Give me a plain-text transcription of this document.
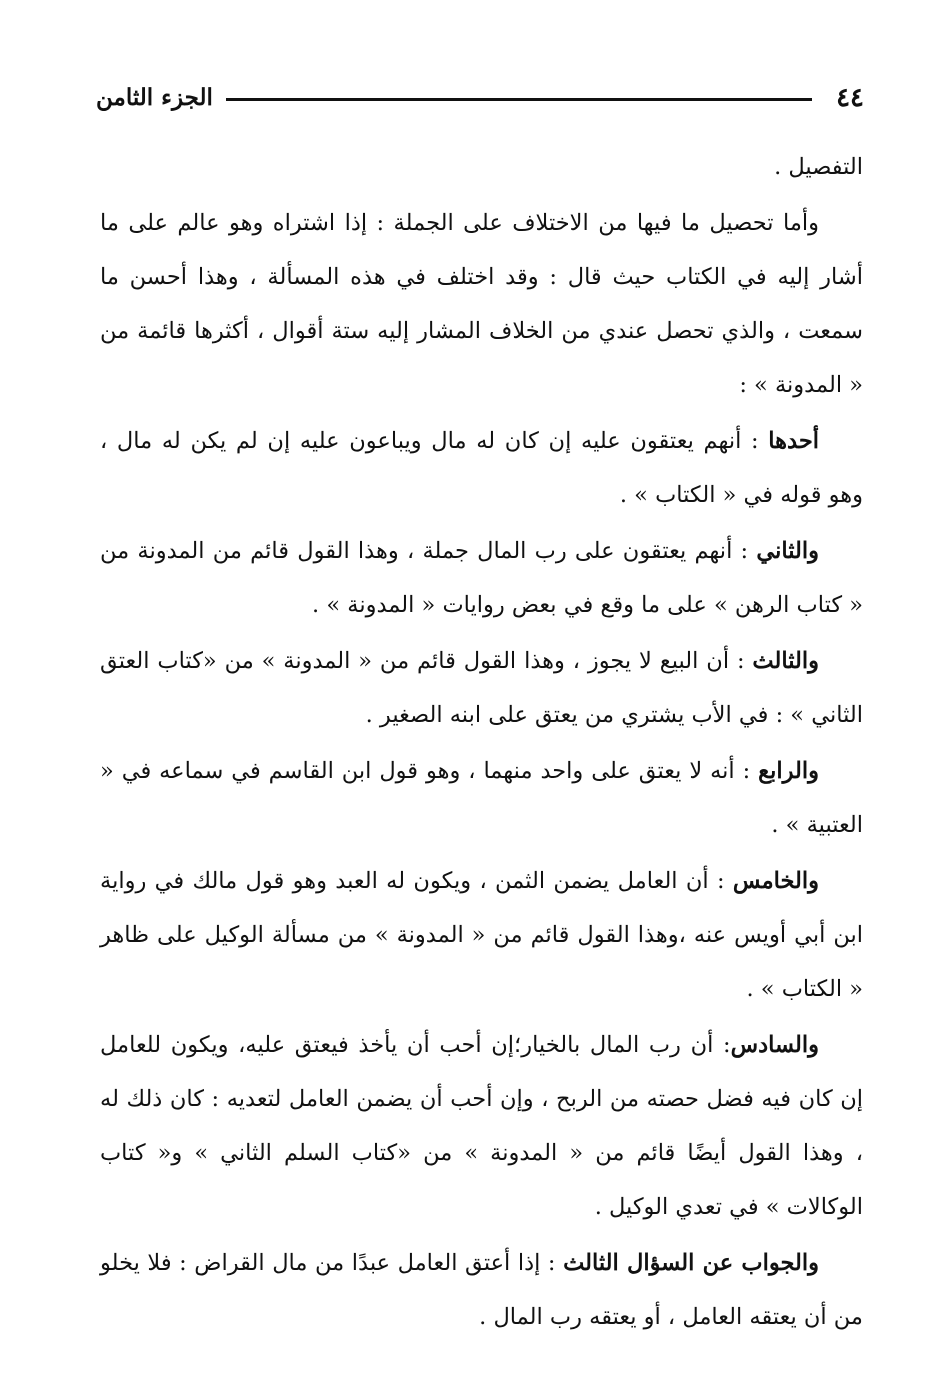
٤٤
الجزء الثامن

التفصيل .

وأما تحصيل ما فيها من الاختلاف على الجملة : إذا اشتراه وهو عالم على ما أشار إليه في الكتاب حيث قال : وقد اختلف في هذه المسألة ، وهذا أحسن ما سمعت ، والذي تحصل عندي من الخلاف المشار إليه ستة أقوال ، أكثرها قائمة من « المدونة » :

أحدها : أنهم يعتقون عليه إن كان له مال ويباعون عليه إن لم يكن له مال ، وهو قوله في « الكتاب » .

والثاني : أنهم يعتقون على رب المال جملة ، وهذا القول قائم من المدونة من « كتاب الرهن » على ما وقع في بعض روايات « المدونة » .

والثالث : أن البيع لا يجوز ، وهذا القول قائم من « المدونة » من «كتاب العتق الثاني » : في الأب يشتري من يعتق على ابنه الصغير .

والرابع : أنه لا يعتق على واحد منهما ، وهو قول ابن القاسم في سماعه في « العتبية » .

والخامس : أن العامل يضمن الثمن ، ويكون له العبد وهو قول مالك في رواية ابن أبي أويس عنه ،وهذا القول قائم من « المدونة » من مسألة الوكيل على ظاهر « الكتاب » .

والسادس: أن رب المال بالخيار؛إن أحب أن يأخذ فيعتق عليه، ويكون للعامل إن كان فيه فضل حصته من الربح ، وإن أحب أن يضمن العامل لتعديه : كان ذلك له ، وهذا القول أيضًا قائم من « المدونة » من «كتاب السلم الثاني » و« كتاب الوكالات » في تعدي الوكيل .

والجواب عن السؤال الثالث : إذا أعتق العامل عبدًا من مال القراض : فلا يخلو من أن يعتقه العامل ، أو يعتقه رب المال .
